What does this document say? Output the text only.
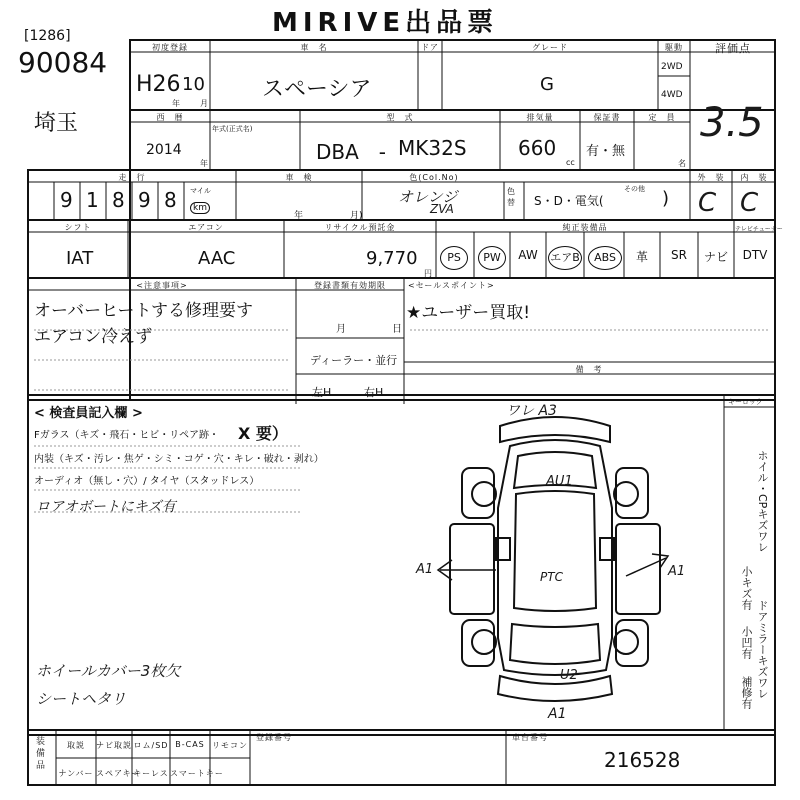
MIRIVE出品票
[1286]
90084
埼玉
初度登録
H26 10
年	月
車　名
スペーシア
ドア	グレード
G
駆動
2WD
4WD
評価点
3.5
西　暦
2014
年
年式(正式名)
型　式
DBA　- MK32S
排気量
660
cc
保証書
有・無
定　員
名
走　行
9 1 8 9 8 マイル
km
車　検
年	月)
色(Col.No)
オレンジ
ZVA
色替	S・D・電気(
その他 )
外　装
C
内　装
C
シフト
IAT
エアコン
AAC
リサイクル預託金
9,770
円
純正装備品	テレビチューナー
PS	PW	AW	エアB	ABS	革	SR	ナビ	DTV
<注意事項>
オーバーヒートする修理要す
エアコン冷えず
登録書類有効期限
月	日
ディーラー・並行
左H	右H
<セールスポイント>
★ユーザー買取!
備　考
< 検査員記入欄 >
Fガラス（キズ・飛石・ヒビ・リペア跡・ X 要）
内装（キズ・汚レ・焦ゲ・シミ・コゲ・穴・キレ・破れ・剥れ）
オーディオ（無し・穴）/ タイヤ（スタッドレス）
ロアオボートにキズ有
ホイールカバー3枚欠
シートヘタリ
ワレ A3
AU1
A1	A1
PTC
U2
A1
キーロック
ホイル・CPキズワレ
小キズ有
ドアミラーキズワレ
小凹有
補修有
装備品
取説	ナビ取説 ロム/SD B-CAS リモコン
ナンバー スペアキー
キーレス スマートキー
登録番号	車台番号
216528
